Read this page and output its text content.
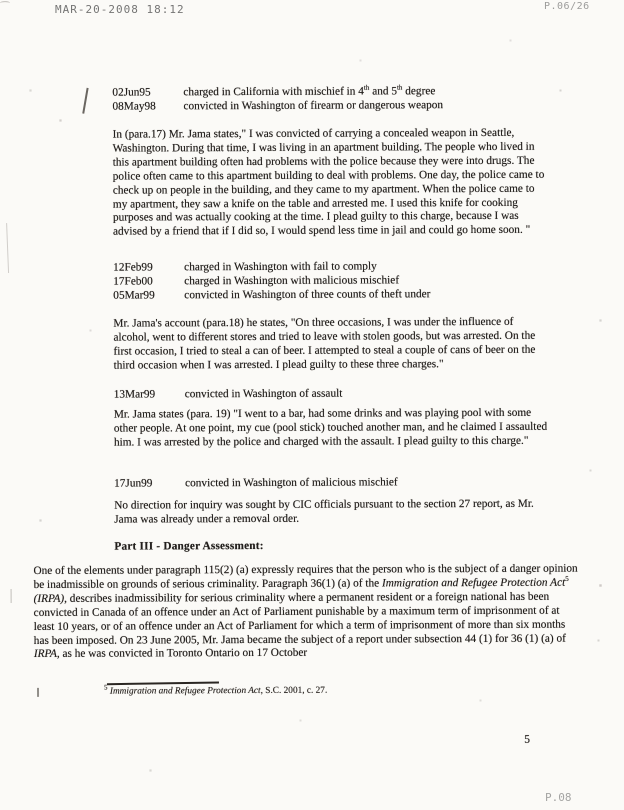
MAR-20-2008 18:12	P.06/26
02Jun95	charged in California with mischief in 4th and 5th degree
08May98	convicted in Washington of firearm or dangerous weapon
In (para.17) Mr. Jama states," I was convicted of carrying a concealed weapon in Seattle, Washington. During that time, I was living in an apartment building. The people who lived in this apartment building often had problems with the police because they were into drugs. The police often came to this apartment building to deal with problems. One day, the police came to check up on people in the building, and they came to my apartment. When the police came to my apartment, they saw a knife on the table and arrested me. I used this knife for cooking purposes and was actually cooking at the time. I plead guilty to this charge, because I was advised by a friend that if I did so, I would spend less time in jail and could go home soon. "
12Feb99	charged in Washington with fail to comply
17Feb00	charged in Washington with malicious mischief
05Mar99	convicted in Washington of three counts of theft under
Mr. Jama's account (para.18) he states, "On three occasions, I was under the influence of alcohol, went to different stores and tried to leave with stolen goods, but was arrested. On the first occasion, I tried to steal a can of beer. I attempted to steal a couple of cans of beer on the third occasion when I was arrested. I plead guilty to these three charges."
13Mar99	convicted in Washington of assault
Mr. Jama states (para. 19) "I went to a bar, had some drinks and was playing pool with some other people. At one point, my cue (pool stick) touched another man, and he claimed I assaulted him. I was arrested by the police and charged with the assault. I plead guilty to this charge."
17Jun99	convicted in Washington of malicious mischief
No direction for inquiry was sought by CIC officials pursuant to the section 27 report, as Mr. Jama was already under a removal order.
Part III - Danger Assessment:
One of the elements under paragraph 115(2) (a) expressly requires that the person who is the subject of a danger opinion be inadmissible on grounds of serious criminality. Paragraph 36(1) (a) of the Immigration and Refugee Protection Act$^5$ (IRPA), describes inadmissibility for serious criminality where a permanent resident or a foreign national has been convicted in Canada of an offence under an Act of Parliament punishable by a maximum term of imprisonment of at least 10 years, or of an offence under an Act of Parliament for which a term of imprisonment of more than six months has been imposed. On 23 June 2005, Mr. Jama became the subject of a report under subsection 44 (1) for 36 (1) (a) of IRPA, as he was convicted in Toronto Ontario on 17 October
$^5$ Immigration and Refugee Protection Act, S.C. 2001, c. 27.
5
P.08
